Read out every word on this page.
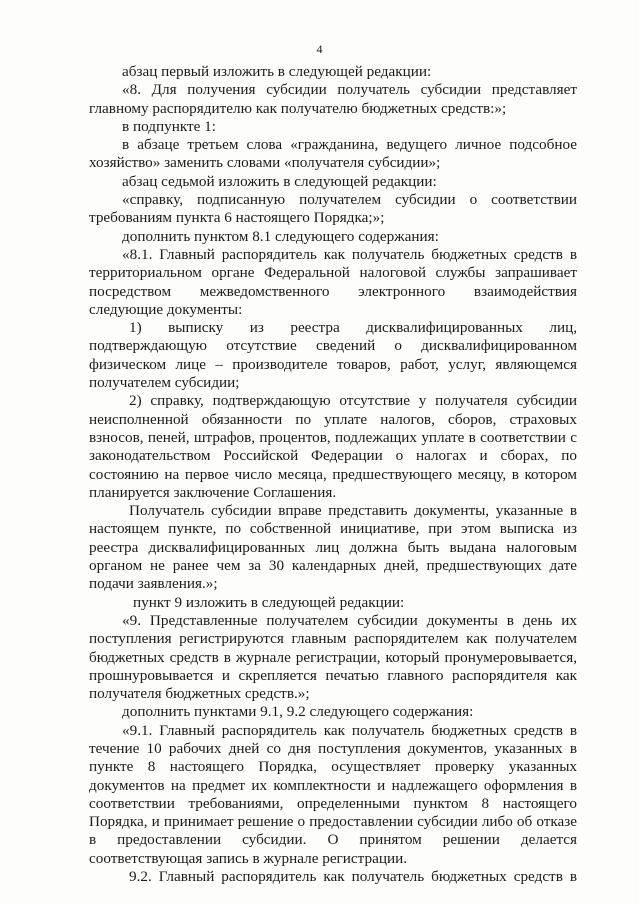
4
абзац первый изложить в следующей редакции:
«8. Для получения субсидии получатель субсидии представляет
главному распорядителю как получателю бюджетных средств:»;
в подпункте 1:
в абзаце третьем слова «гражданина, ведущего личное подсобное
хозяйство» заменить словами «получателя субсидии»;
абзац седьмой изложить в следующей редакции:
«справку, подписанную получателем субсидии о соответствии
требованиям пункта 6 настоящего Порядка;»;
дополнить пунктом 8.1 следующего содержания:
«8.1. Главный распорядитель как получатель бюджетных средств в
территориальном органе Федеральной налоговой службы запрашивает
посредством межведомственного электронного взаимодействия
следующие документы:
1) выписку из реестра дисквалифицированных лиц,
подтверждающую отсутствие сведений о дисквалифицированном
физическом лице – производителе товаров, работ, услуг, являющемся
получателем субсидии;
2) справку, подтверждающую отсутствие у получателя субсидии
неисполненной обязанности по уплате налогов, сборов, страховых
взносов, пеней, штрафов, процентов, подлежащих уплате в соответствии с
законодательством Российской Федерации о налогах и сборах, по
состоянию на первое число месяца, предшествующего месяцу, в котором
планируется заключение Соглашения.
Получатель субсидии вправе представить документы, указанные в
настоящем пункте, по собственной инициативе, при этом выписка из
реестра дисквалифицированных лиц должна быть выдана налоговым
органом не ранее чем за 30 календарных дней, предшествующих дате
подачи заявления.»;
пункт 9 изложить в следующей редакции:
«9. Представленные получателем субсидии документы в день их
поступления регистрируются главным распорядителем как получателем
бюджетных средств в журнале регистрации, который пронумеровывается,
прошнуровывается и скрепляется печатью главного распорядителя как
получателя бюджетных средств.»;
дополнить пунктами 9.1, 9.2 следующего содержания:
«9.1. Главный распорядитель как получатель бюджетных средств в
течение 10 рабочих дней со дня поступления документов, указанных в
пункте 8 настоящего Порядка, осуществляет проверку указанных
документов на предмет их комплектности и надлежащего оформления в
соответствии требованиями, определенными пунктом 8 настоящего
Порядка, и принимает решение о предоставлении субсидии либо об отказе
в предоставлении субсидии. О принятом решении делается
соответствующая запись в журнале регистрации.
9.2. Главный распорядитель как получатель бюджетных средств в
